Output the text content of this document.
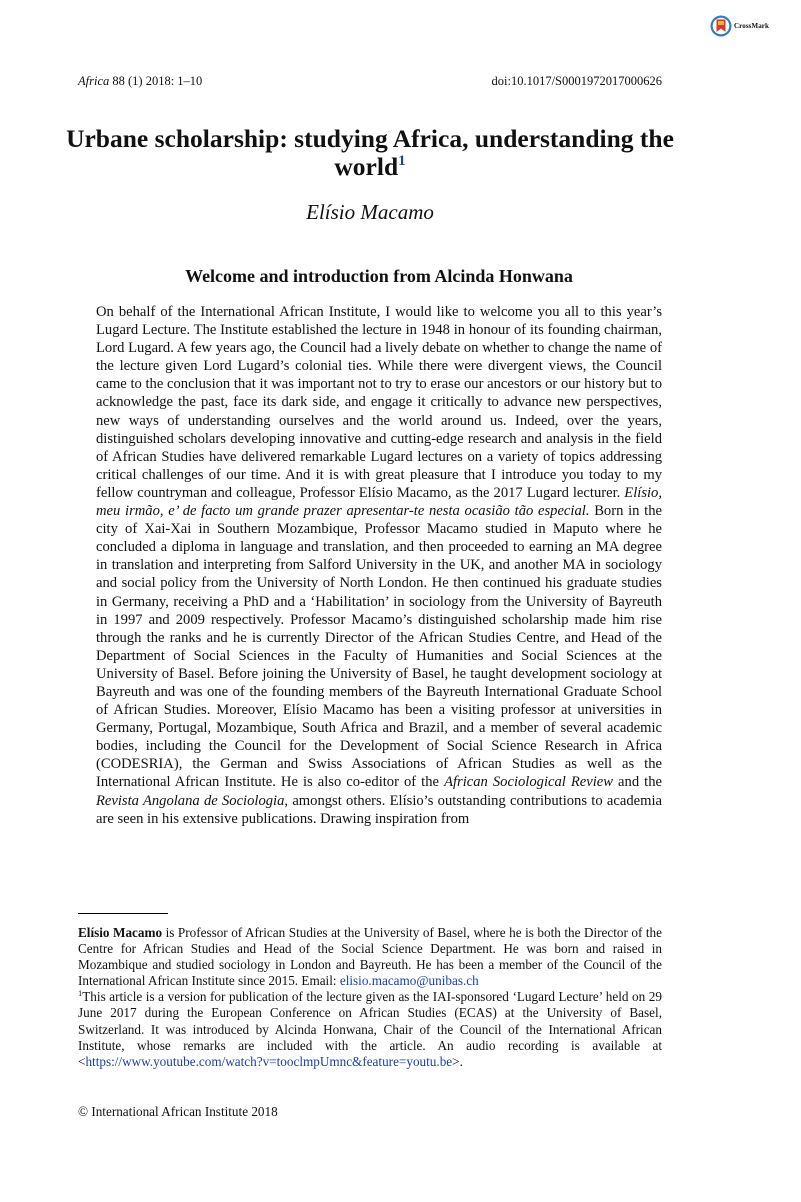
CrossMark
Africa 88 (1) 2018: 1–10	doi:10.1017/S0001972017000626
Urbane scholarship: studying Africa, understanding the world$^1$
Elísio Macamo
Welcome and introduction from Alcinda Honwana

On behalf of the International African Institute, I would like to welcome you all to this year’s Lugard Lecture. The Institute established the lecture in 1948 in honour of its founding chairman, Lord Lugard. A few years ago, the Council had a lively debate on whether to change the name of the lecture given Lord Lugard’s colonial ties. While there were divergent views, the Council came to the conclusion that it was important not to try to erase our ancestors or our history but to acknowledge the past, face its dark side, and engage it critically to advance new perspectives, new ways of understanding ourselves and the world around us. Indeed, over the years, distinguished scholars developing innovative and cutting-edge research and analysis in the field of African Studies have delivered remarkable Lugard lectures on a variety of topics addressing critical challenges of our time. And it is with great pleasure that I introduce you today to my fellow countryman and colleague, Professor Elísio Macamo, as the 2017 Lugard lecturer. Elísio, meu irmão, e’ de facto um grande prazer apresentar-te nesta ocasião tão especial. Born in the city of Xai-Xai in Southern Mozambique, Professor Macamo studied in Maputo where he concluded a diploma in language and translation, and then proceeded to earning an MA degree in translation and interpreting from Salford University in the UK, and another MA in sociology and social policy from the University of North London. He then continued his graduate studies in Germany, receiving a PhD and a ‘Habilitation’ in sociology from the University of Bayreuth in 1997 and 2009 respectively. Professor Macamo’s distinguished scholarship made him rise through the ranks and he is currently Director of the African Studies Centre, and Head of the Department of Social Sciences in the Faculty of Humanities and Social Sciences at the University of Basel. Before joining the University of Basel, he taught development sociology at Bayreuth and was one of the founding members of the Bayreuth International Graduate School of African Studies. Moreover, Elísio Macamo has been a visiting professor at universities in Germany, Portugal, Mozambique, South Africa and Brazil, and a member of several academic bodies, including the Council for the Development of Social Science Research in Africa (CODESRIA), the German and Swiss Associations of African Studies as well as the International African Institute. He is also co-editor of the African Sociological Review and the Revista Angolana de Sociologia, amongst others. Elísio’s outstanding contributions to academia are seen in his extensive publications. Drawing inspiration from

Elísio Macamo is Professor of African Studies at the University of Basel, where he is both the Director of the Centre for African Studies and Head of the Social Science Department. He was born and raised in Mozambique and studied sociology in London and Bayreuth. He has been a member of the Council of the International African Institute since 2015. Email: elisio.macamo@unibas.ch

$^1$This article is a version for publication of the lecture given as the IAI-sponsored ‘Lugard Lecture’ held on 29 June 2017 during the European Conference on African Studies (ECAS) at the University of Basel, Switzerland. It was introduced by Alcinda Honwana, Chair of the Council of the International African Institute, whose remarks are included with the article. An audio recording is available at <https://www.youtube.com/watch?v=tooclmpUmnc&feature=youtu.be>.

© International African Institute 2018
